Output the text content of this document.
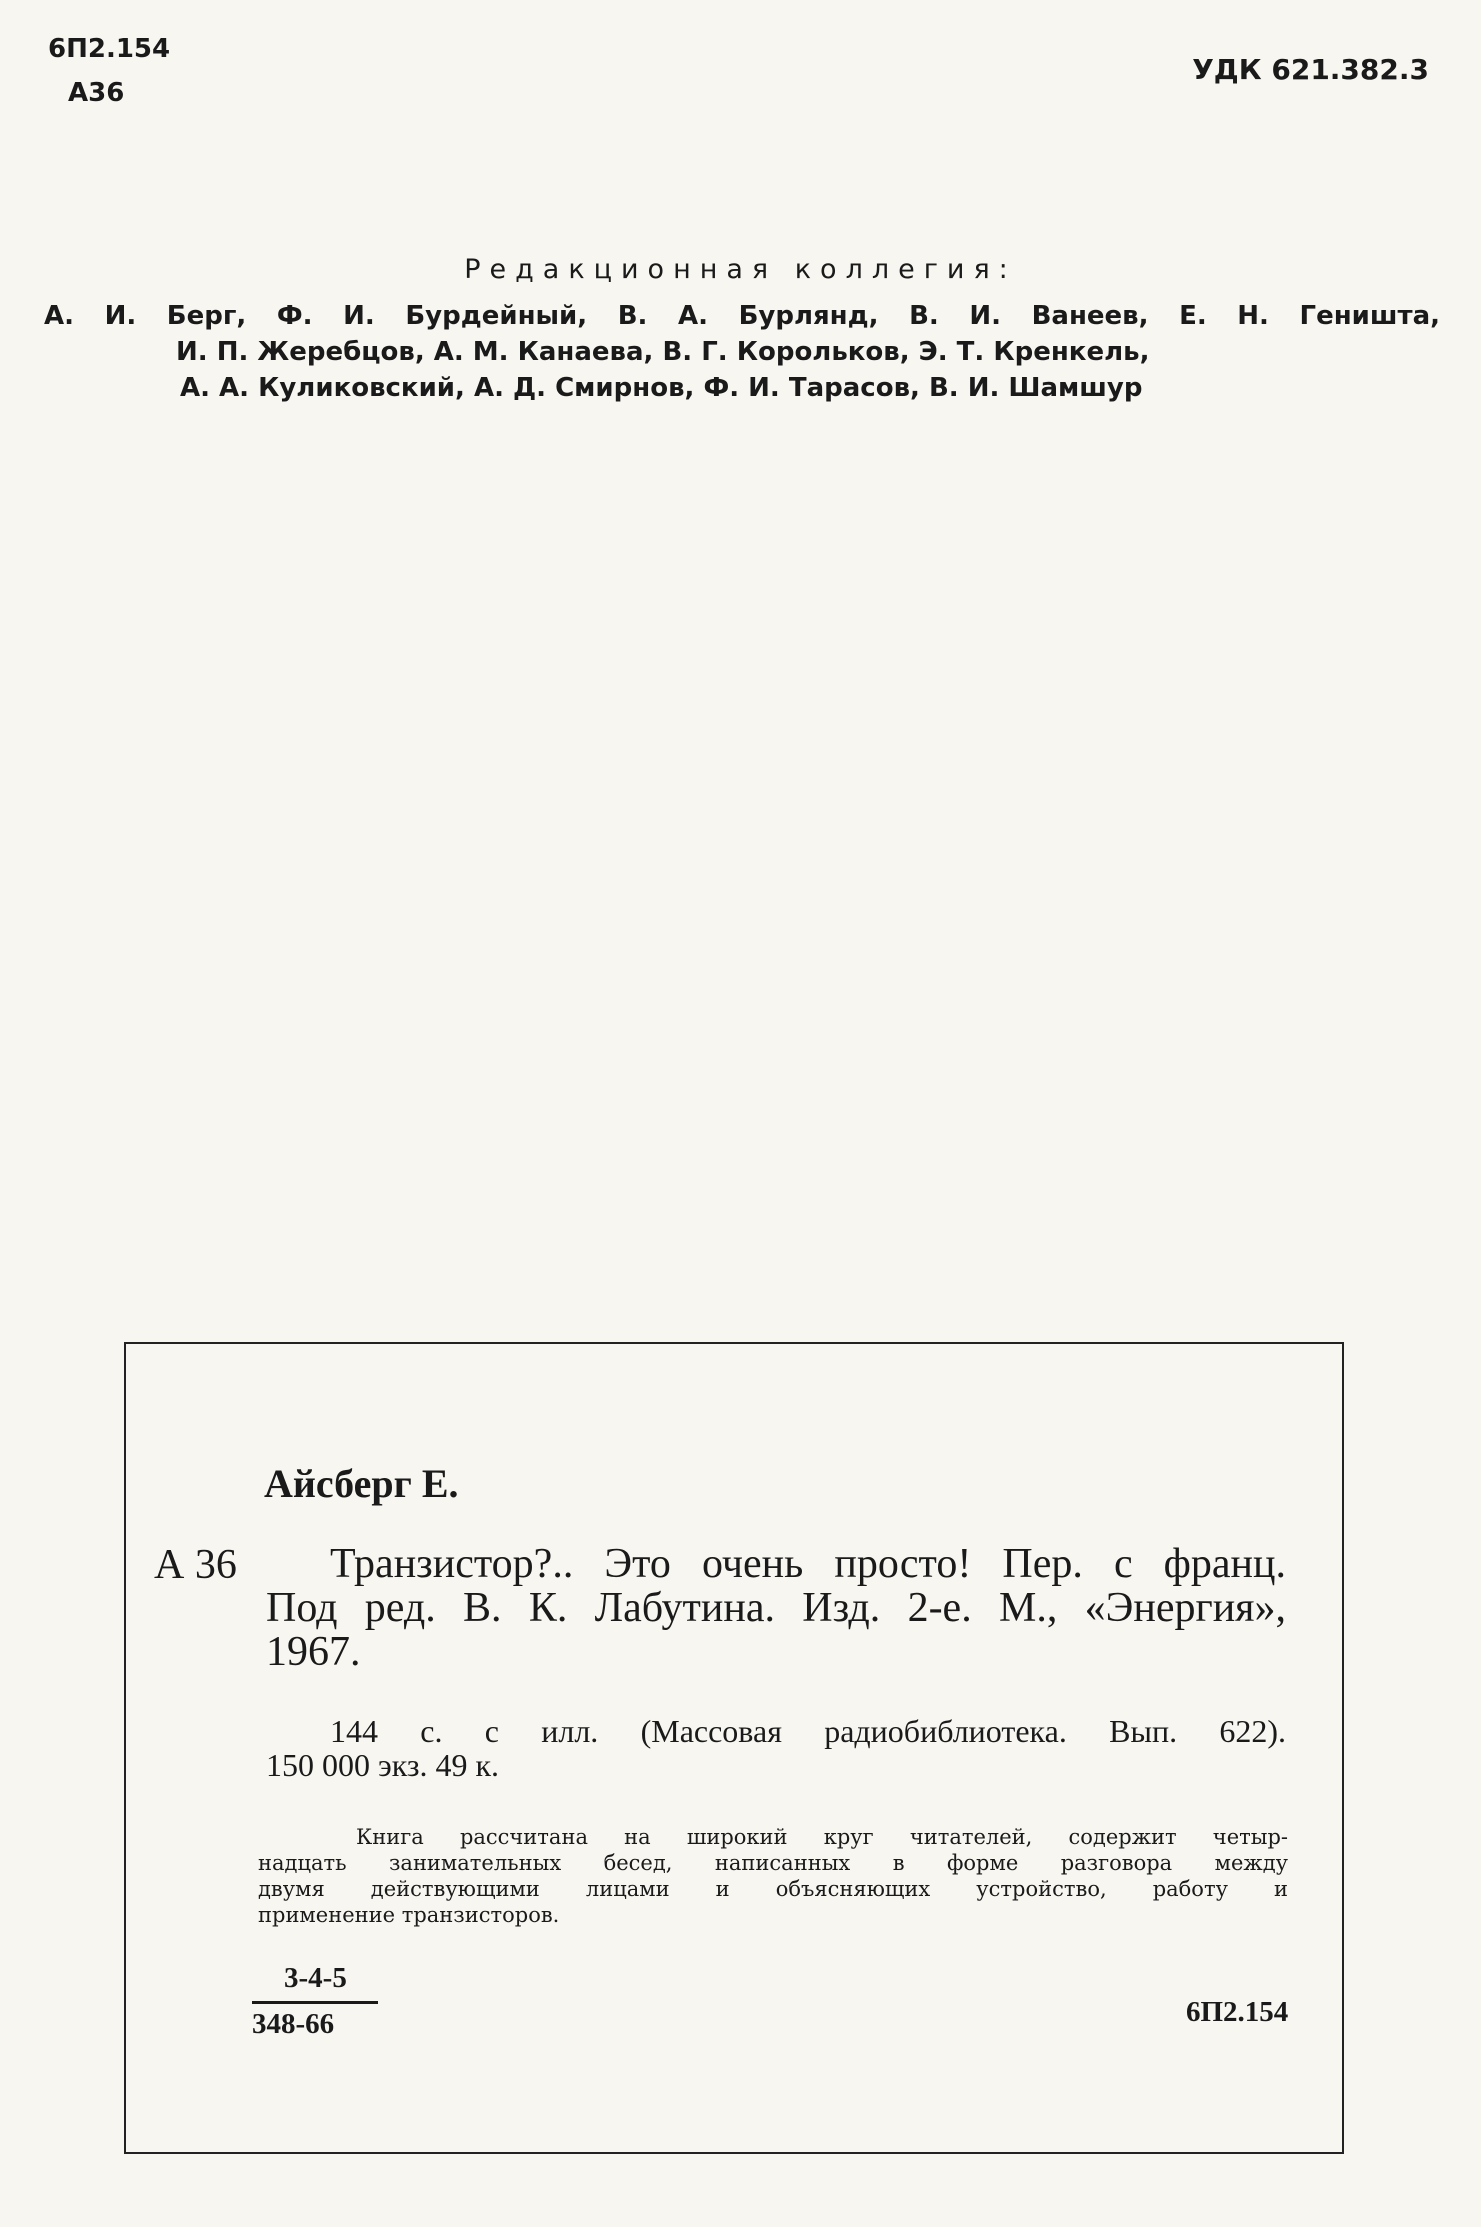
6П2.154
А36
УДК 621.382.3
Редакционная коллегия:
А. И. Берг, Ф. И. Бурдейный, В. А. Бурлянд, В. И. Ванеев, Е. Н. Геништа,
И. П. Жеребцов, А. М. Канаева, В. Г. Корольков, Э. Т. Кренкель,
А. А. Куликовский, А. Д. Смирнов, Ф. И. Тарасов, В. И. Шамшур
Айсберг Е.
А 36	Транзистор?.. Это очень просто! Пер. с франц.
Под ред. В. К. Лабутина. Изд. 2-е. М., «Энергия»,
1967.
144 с. с илл. (Массовая радиобиблиотека. Вып. 622).
150 000 экз. 49 к.
Книга рассчитана на широкий круг читателей, содержит четыр-
надцать занимательных бесед, написанных в форме разговора между
двумя действующими лицами и объясняющих устройство, работу и
применение транзисторов.
$\frac{3-4-5}{348-66}$	6П2.154
